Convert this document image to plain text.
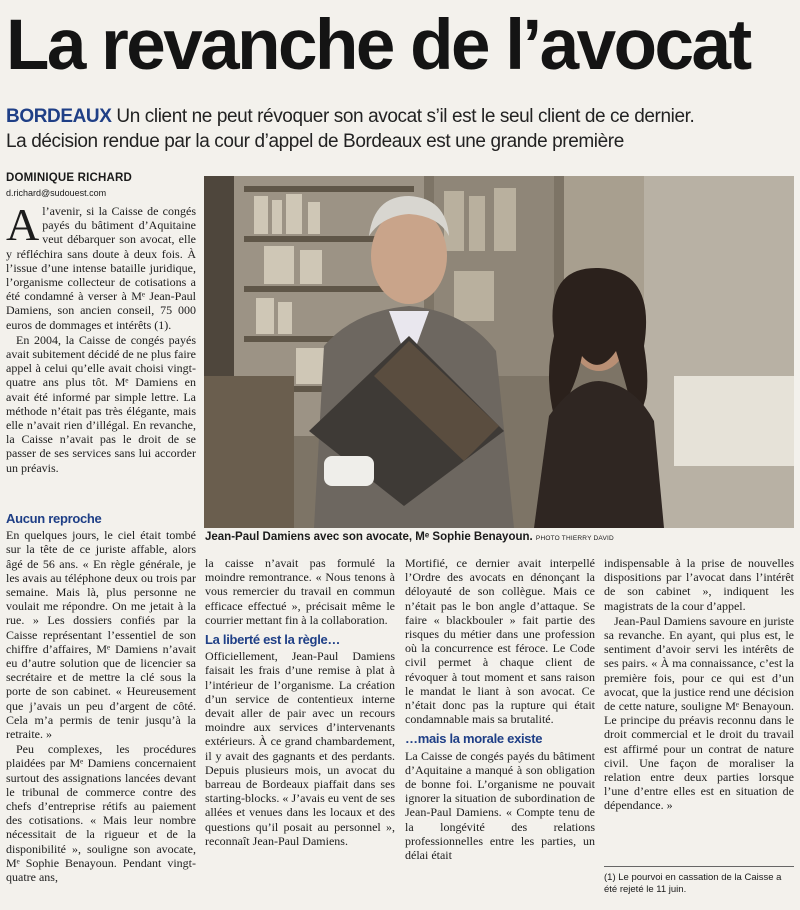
La revanche de l’avocat
BORDEAUX Un client ne peut révoquer son avocat s’il est le seul client de ce dernier.
La décision rendue par la cour d’appel de Bordeaux est une grande première
DOMINIQUE RICHARD
d.richard@sudouest.com

Al’avenir, si la Caisse de congés payés du bâtiment d’Aquitaine veut débarquer son avocat, elle y réfléchira sans doute à deux fois. À l’issue d’une intense bataille juridique, l’organisme collecteur de cotisations a été condamné à verser à Mᵉ Jean-Paul Damiens, son ancien conseil, 75 000 euros de dommages et intérêts (1).

En 2004, la Caisse de congés payés avait subitement décidé de ne plus faire appel à celui qu’elle avait choisi vingt-quatre ans plus tôt. Mᵉ Damiens en avait été informé par simple lettre. La méthode n’était pas très élégante, mais elle n’avait rien d’illégal. En revanche, la Caisse n’avait pas le droit de se passer de ses services sans lui accorder un préavis.

Aucun reproche

En quelques jours, le ciel était tombé sur la tête de ce juriste affable, alors âgé de 56 ans. « En règle générale, je les avais au téléphone deux ou trois par semaine. Mais là, plus personne ne voulait me répondre. On me jetait à la rue. » Les dossiers confiés par la Caisse représentant l’essentiel de son chiffre d’affaires, Mᵉ Damiens n’avait eu d’autre solution que de licencier sa secrétaire et de mettre la clé sous la porte de son cabinet. « Heureusement que j’avais un peu d’argent de côté. Cela m’a permis de tenir jusqu’à la retraite. »

Peu complexes, les procédures plaidées par Mᵉ Damiens concernaient surtout des assignations lancées devant le tribunal de commerce contre des chefs d’entreprise rétifs au paiement des cotisations. « Mais leur nombre nécessitait de la rigueur et de la disponibilité », souligne son avocate, Mᵉ Sophie Benayoun. Pendant vingt-quatre ans,

Jean-Paul Damiens avec son avocate, Mᵉ Sophie Benayoun. PHOTO THIERRY DAVID

la caisse n’avait pas formulé la moindre remontrance. « Nous tenons à vous remercier du travail en commun efficace effectué », précisait même le courrier mettant fin à la collaboration.

La liberté est la règle…

Officiellement, Jean-Paul Damiens faisait les frais d’une remise à plat à l’intérieur de l’organisme. La création d’un service de contentieux interne devait aller de pair avec un recours moindre aux services d’intervenants extérieurs. À ce grand chambardement, il y avait des gagnants et des perdants. Depuis plusieurs mois, un avocat du barreau de Bordeaux piaffait dans ses starting-blocks. « J’avais eu vent de ses allées et venues dans les locaux et des questions qu’il posait au personnel », reconnaît Jean-Paul Damiens.

Mortifié, ce dernier avait interpellé l’Ordre des avocats en dénonçant la déloyauté de son collègue. Mais ce n’était pas le bon angle d’attaque. Se faire « blackbouler » fait partie des risques du métier dans une profession où la concurrence est féroce. Le Code civil permet à chaque client de révoquer à tout moment et sans raison le mandat le liant à son avocat. Ce n’était donc pas la rupture qui était condamnable mais sa brutalité.

…mais la morale existe

La Caisse de congés payés du bâtiment d’Aquitaine a manqué à son obligation de bonne foi. L’organisme ne pouvait ignorer la situation de subordination de Jean-Paul Damiens. « Compte tenu de la longévité des relations professionnelles entre les parties, un délai était

indispensable à la prise de nouvelles dispositions par l’avocat dans l’intérêt de son cabinet », indiquent les magistrats de la cour d’appel.

Jean-Paul Damiens savoure en juriste sa revanche. En ayant, qui plus est, le sentiment d’avoir servi les intérêts de ses pairs. « À ma connaissance, c’est la première fois, pour ce qui est d’un avocat, que la justice rend une décision de cette nature, souligne Mᵉ Benayoun. Le principe du préavis reconnu dans le droit commercial et le droit du travail est affirmé pour un contrat de nature civil. Une façon de moraliser la relation entre deux parties lorsque l’une d’entre elles est en situation de dépendance. »

(1) Le pourvoi en cassation de la Caisse a été rejeté le 11 juin.
